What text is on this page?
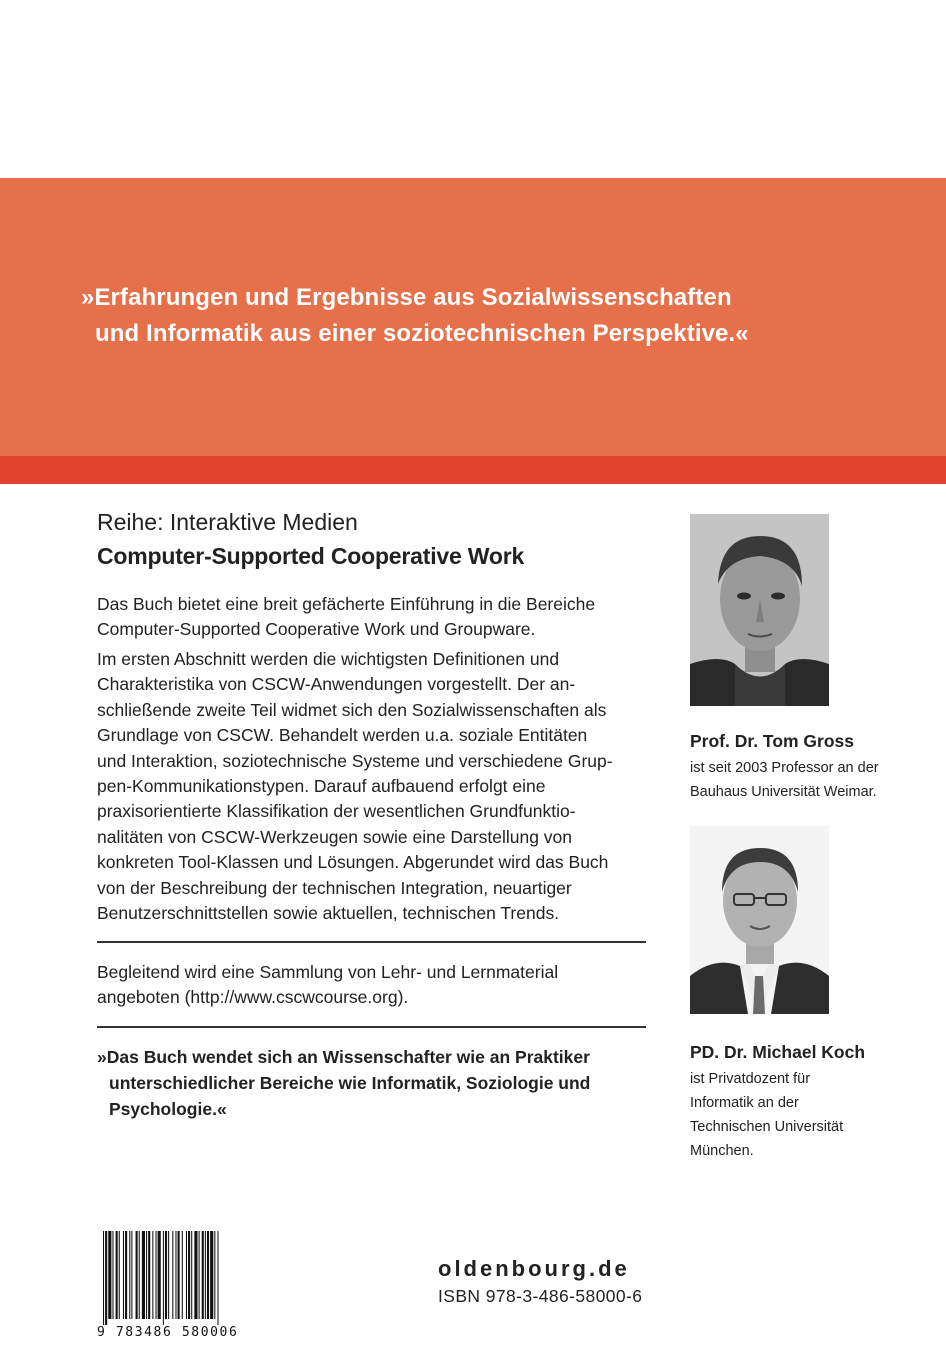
»Erfahrungen und Ergebnisse aus Sozialwissenschaften
und Informatik aus einer soziotechnischen Perspektive.«
Reihe: Interaktive Medien
Computer-Supported Cooperative Work
Das Buch bietet eine breit gefächerte Einführung in die Bereiche
Computer-Supported Cooperative Work und Groupware.
Im ersten Abschnitt werden die wichtigsten Definitionen und
Charakteristika von CSCW-Anwendungen vorgestellt. Der an-
schließende zweite Teil widmet sich den Sozialwissenschaften als
Grundlage von CSCW. Behandelt werden u.a. soziale Entitäten
und Interaktion, soziotechnische Systeme und verschiedene Grup-
pen-Kommunikationstypen. Darauf aufbauend erfolgt eine
praxisorientierte Klassifikation der wesentlichen Grundfunktio-
nalitäten von CSCW-Werkzeugen sowie eine Darstellung von
konkreten Tool-Klassen und Lösungen. Abgerundet wird das Buch
von der Beschreibung der technischen Integration, neuartiger
Benutzerschnittstellen sowie aktuellen, technischen Trends.
Begleitend wird eine Sammlung von Lehr- und Lernmaterial
angeboten (http://www.cscwcourse.org).
»Das Buch wendet sich an Wissenschafter wie an Praktiker
unterschiedlicher Bereiche wie Informatik, Soziologie und
Psychologie.«
Prof. Dr. Tom Gross
ist seit 2003 Professor an der
Bauhaus Universität Weimar.
PD. Dr. Michael Koch
ist Privatdozent für
Informatik an der
Technischen Universität
München.
9 783486 580006
oldenbourg.de
ISBN 978-3-486-58000-6
